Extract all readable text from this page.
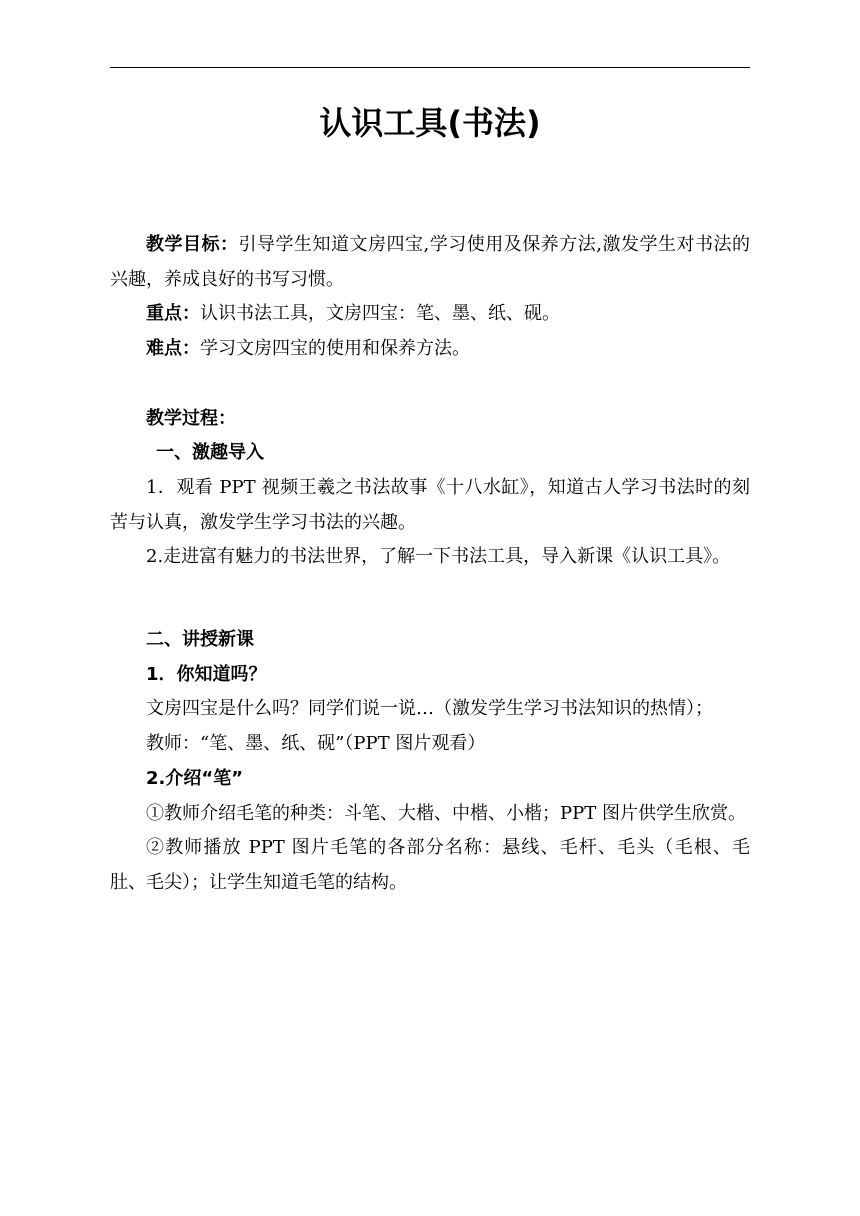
认识工具(书法)

教学目标：引导学生知道文房四宝,学习使用及保养方法,激发学生对书法的兴趣，养成良好的书写习惯。

重点：认识书法工具，文房四宝：笔、墨、纸、砚。

难点：学习文房四宝的使用和保养方法。

教学过程：

一、激趣导入

1．观看 PPT 视频王羲之书法故事《十八水缸》，知道古人学习书法时的刻苦与认真，激发学生学习书法的兴趣。

2.走进富有魅力的书法世界，了解一下书法工具，导入新课《认识工具》。

二、讲授新课

1．你知道吗？

文房四宝是什么吗？同学们说一说…（激发学生学习书法知识的热情）；

教师：“笔、墨、纸、砚”（PPT 图片观看）

2.介绍“笔”

①教师介绍毛笔的种类：斗笔、大楷、中楷、小楷；PPT 图片供学生欣赏。

②教师播放 PPT 图片毛笔的各部分名称：悬线、毛杆、毛头（毛根、毛肚、毛尖）；让学生知道毛笔的结构。
